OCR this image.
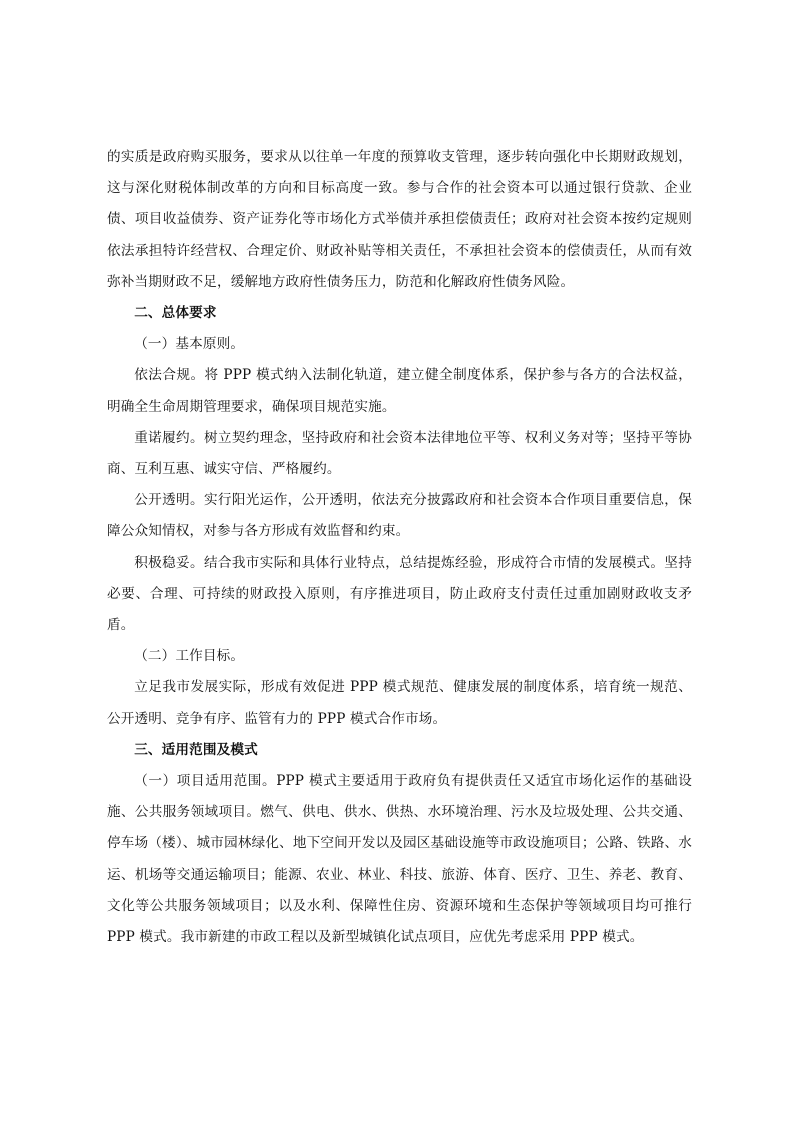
的实质是政府购买服务，要求从以往单一年度的预算收支管理，逐步转向强化中长期财政规划，这与深化财税体制改革的方向和目标高度一致。参与合作的社会资本可以通过银行贷款、企业债、项目收益债券、资产证券化等市场化方式举债并承担偿债责任；政府对社会资本按约定规则依法承担特许经营权、合理定价、财政补贴等相关责任，不承担社会资本的偿债责任，从而有效弥补当期财政不足，缓解地方政府性债务压力，防范和化解政府性债务风险。

二、总体要求

（一）基本原则。

依法合规。将 PPP 模式纳入法制化轨道，建立健全制度体系，保护参与各方的合法权益，明确全生命周期管理要求，确保项目规范实施。

重诺履约。树立契约理念，坚持政府和社会资本法律地位平等、权利义务对等；坚持平等协商、互利互惠、诚实守信、严格履约。

公开透明。实行阳光运作，公开透明，依法充分披露政府和社会资本合作项目重要信息，保障公众知情权，对参与各方形成有效监督和约束。

积极稳妥。结合我市实际和具体行业特点，总结提炼经验，形成符合市情的发展模式。坚持必要、合理、可持续的财政投入原则，有序推进项目，防止政府支付责任过重加剧财政收支矛盾。

（二）工作目标。

立足我市发展实际，形成有效促进 PPP 模式规范、健康发展的制度体系，培育统一规范、公开透明、竞争有序、监管有力的 PPP 模式合作市场。

三、适用范围及模式

（一）项目适用范围。PPP 模式主要适用于政府负有提供责任又适宜市场化运作的基础设施、公共服务领域项目。燃气、供电、供水、供热、水环境治理、污水及垃圾处理、公共交通、停车场（楼）、城市园林绿化、地下空间开发以及园区基础设施等市政设施项目；公路、铁路、水运、机场等交通运输项目；能源、农业、林业、科技、旅游、体育、医疗、卫生、养老、教育、文化等公共服务领域项目；以及水利、保障性住房、资源环境和生态保护等领域项目均可推行 PPP 模式。我市新建的市政工程以及新型城镇化试点项目，应优先考虑采用 PPP 模式。
